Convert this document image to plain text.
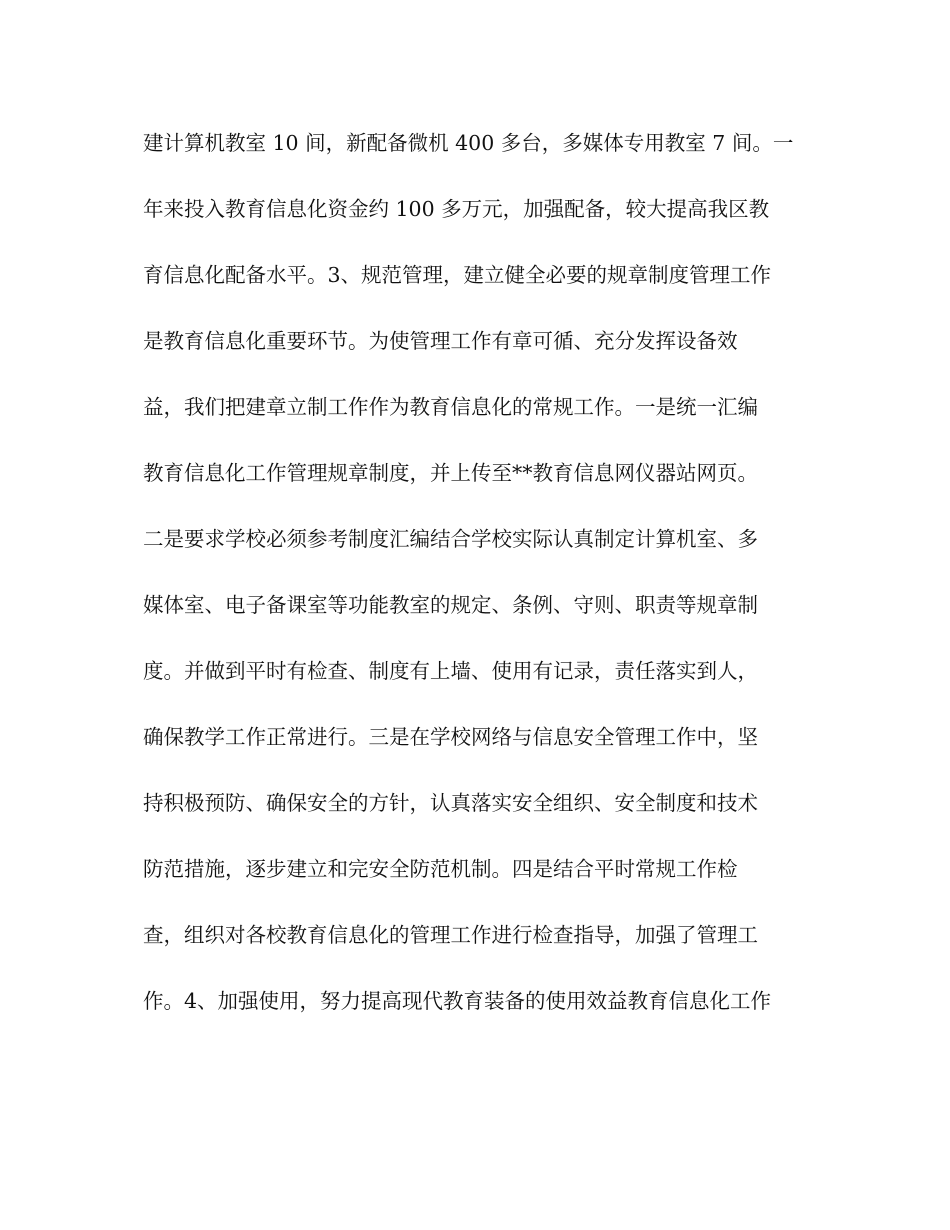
建计算机教室 10 间，新配备微机 400 多台，多媒体专用教室 7 间。一
年来投入教育信息化资金约 100 多万元，加强配备，较大提高我区教
育信息化配备水平。3、规范管理，建立健全必要的规章制度管理工作
是教育信息化重要环节。为使管理工作有章可循、充分发挥设备效
益，我们把建章立制工作作为教育信息化的常规工作。一是统一汇编
教育信息化工作管理规章制度，并上传至**教育信息网仪器站网页。
二是要求学校必须参考制度汇编结合学校实际认真制定计算机室、多
媒体室、电子备课室等功能教室的规定、条例、守则、职责等规章制
度。并做到平时有检查、制度有上墙、使用有记录，责任落实到人，
确保教学工作正常进行。三是在学校网络与信息安全管理工作中，坚
持积极预防、确保安全的方针，认真落实安全组织、安全制度和技术
防范措施，逐步建立和完安全防范机制。四是结合平时常规工作检
查，组织对各校教育信息化的管理工作进行检查指导，加强了管理工
作。4、加强使用，努力提高现代教育装备的使用效益教育信息化工作
